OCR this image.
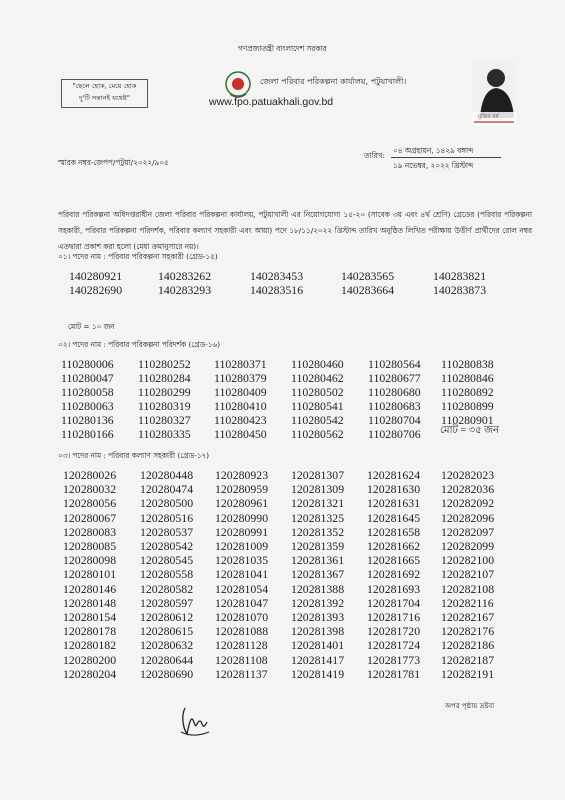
গণপ্রজাতন্ত্রী বাংলাদেশ সরকার
"ছেলে হোক, মেয়ে হোক
দু'টি সন্তানই যথেষ্ট"
জেলা পরিবার পরিকল্পনা কার্যালয়, পটুয়াখালী।
www.fpo.patuakhali.gov.bd
মুজিব বর্ষ
স্মারক নম্বর-জেপপ/পটুয়া/২০২২/৯০৫
তারিখ:
০৪ অগ্রহায়ন, ১৪২৯ বঙ্গাব্দ
১৯ নভেম্বর, ২০২২ খ্রিস্টাব্দ
পরিবার পরিকল্পনা অধিদপ্তরাধীন জেলা পরিবার পরিকল্পনা কার্যালয়, পটুয়াখালী এর নিয়োগযোগ্য ১৫-২০ (সাবেক ৩য় এবং ৪র্থ শ্রেণি) গ্রেডের (পরিবার পরিকল্পনা সহকারী, পরিবার পরিকল্পনা পরিদর্শক, পরিবার কল্যাণ সহকারী এবং আয়া) পদে ১৮/১১/২০২২ খ্রিস্টাব্দ তারিখ অনুষ্ঠিত লিখিত পরীক্ষায় উত্তীর্ণ প্রার্থীদের রোল নম্বর এতদ্বারা প্রকাশ করা হলো (মেধা ক্রমানুসারে নয়)।
০১। পদের নাম : পরিবার পরিকল্পনা সহকারী (গ্রেড-১৫)
140280921
140282690
140283262
140283293
140283453
140283516
140283565
140283664
140283821
140283873
মোট = ১০ জন
০২। পদের নাম : পরিবার পরিকল্পনা পরিদর্শক (গ্রেড-১৬)
110280006
110280047
110280058
110280063
110280136
110280166
110280252
110280284
110280299
110280319
110280327
110280335
110280371
110280379
110280409
110280410
110280423
110280450
110280460
110280462
110280502
110280541
110280542
110280562
110280564
110280677
110280680
110280683
110280704
110280706
110280838
110280846
110280892
110280899
110280901
মোট = ৩৫ জন
০৩। পদের নাম : পরিবার কল্যাণ সহকারী (গ্রেড-১৭)
120280026
120280032
120280056
120280067
120280083
120280085
120280098
120280101
120280146
120280148
120280154
120280178
120280182
120280200
120280204
120280448
120280474
120280500
120280516
120280537
120280542
120280545
120280558
120280582
120280597
120280612
120280615
120280632
120280644
120280690
120280923
120280959
120280961
120280990
120280991
120281009
120281035
120281041
120281054
120281047
120281070
120281088
120281128
120281108
120281137
120281307
120281309
120281321
120281325
120281352
120281359
120281361
120281367
120281388
120281392
120281393
120281398
120281401
120281417
120281419
120281624
120281630
120281631
120281645
120281658
120281662
120281665
120281692
120281693
120281704
120281716
120281720
120281724
120281773
120281781
120282023
120282036
120282092
120282096
120282097
120282099
120282100
120282107
120282108
120282116
120282167
120282176
120282186
120282187
120282191
অপর পৃষ্ঠায় দ্রষ্টব্য
